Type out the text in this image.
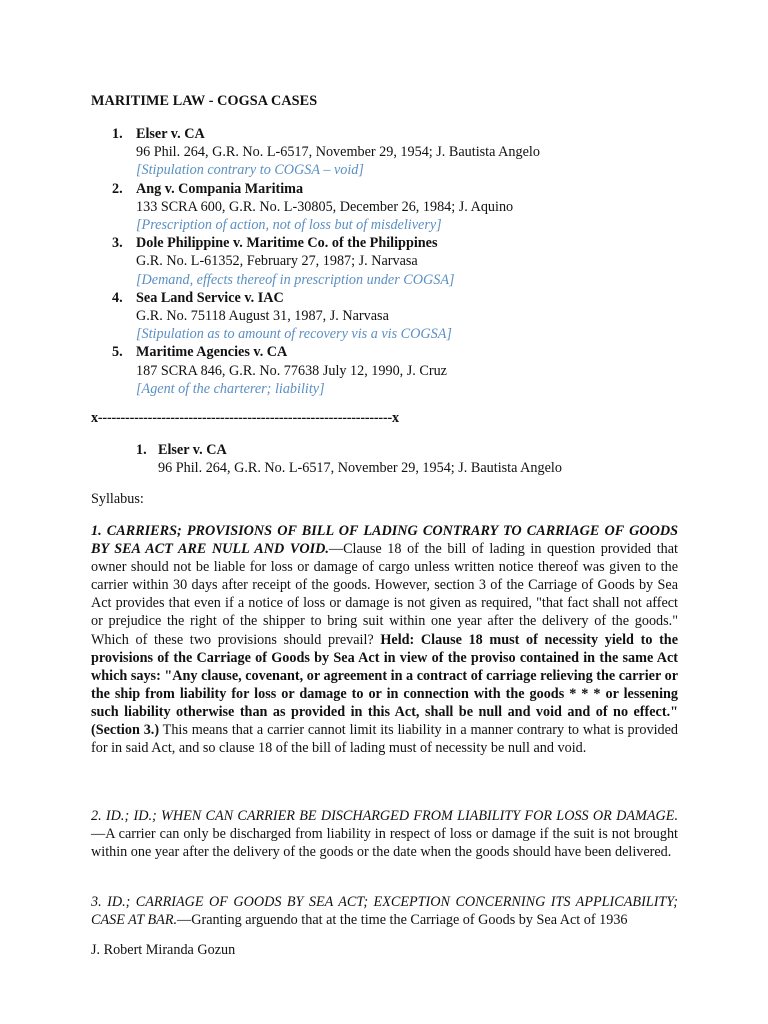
MARITIME LAW - COGSA CASES
1. Elser v. CA
96 Phil. 264, G.R. No. L-6517, November 29, 1954; J. Bautista Angelo
[Stipulation contrary to COGSA – void]
2. Ang v. Compania Maritima
133 SCRA 600, G.R. No. L-30805, December 26, 1984; J. Aquino
[Prescription of action, not of loss but of misdelivery]
3. Dole Philippine v. Maritime Co. of the Philippines
G.R. No. L-61352, February 27, 1987; J. Narvasa
[Demand, effects thereof in prescription under COGSA]
4. Sea Land Service v. IAC
G.R. No. 75118 August 31, 1987, J. Narvasa
[Stipulation as to amount of recovery vis a vis COGSA]
5. Maritime Agencies v. CA
187 SCRA 846, G.R. No. 77638 July 12, 1990, J. Cruz
[Agent of the charterer; liability]
x-----------------------------------------------------------------x
1. Elser v. CA
96 Phil. 264, G.R. No. L-6517, November 29, 1954; J. Bautista Angelo
Syllabus:
1. CARRIERS; PROVISIONS OF BILL OF LADING CONTRARY TO CARRIAGE OF GOODS BY SEA ACT ARE NULL AND VOID.—Clause 18 of the bill of lading in question provided that owner should not be liable for loss or damage of cargo unless written notice thereof was given to the carrier within 30 days after receipt of the goods. However, section 3 of the Carriage of Goods by Sea Act provides that even if a notice of loss or damage is not given as required, "that fact shall not affect or prejudice the right of the shipper to bring suit within one year after the delivery of the goods." Which of these two provisions should prevail? Held: Clause 18 must of necessity yield to the provisions of the Carriage of Goods by Sea Act in view of the proviso contained in the same Act which says: "Any clause, covenant, or agreement in a contract of carriage relieving the carrier or the ship from liability for loss or damage to or in connection with the goods * * * or lessening such liability otherwise than as provided in this Act, shall be null and void and of no effect." (Section 3.) This means that a carrier cannot limit its liability in a manner contrary to what is provided for in said Act, and so clause 18 of the bill of lading must of necessity be null and void.
2. ID.; ID.; WHEN CAN CARRIER BE DISCHARGED FROM LIABILITY FOR LOSS OR DAMAGE.—A carrier can only be discharged from liability in respect of loss or damage if the suit is not brought within one year after the delivery of the goods or the date when the goods should have been delivered.
3. ID.; CARRIAGE OF GOODS BY SEA ACT; EXCEPTION CONCERNING ITS APPLICABILITY; CASE AT BAR.—Granting arguendo that at the time the Carriage of Goods by Sea Act of 1936
J. Robert Miranda Gozun
